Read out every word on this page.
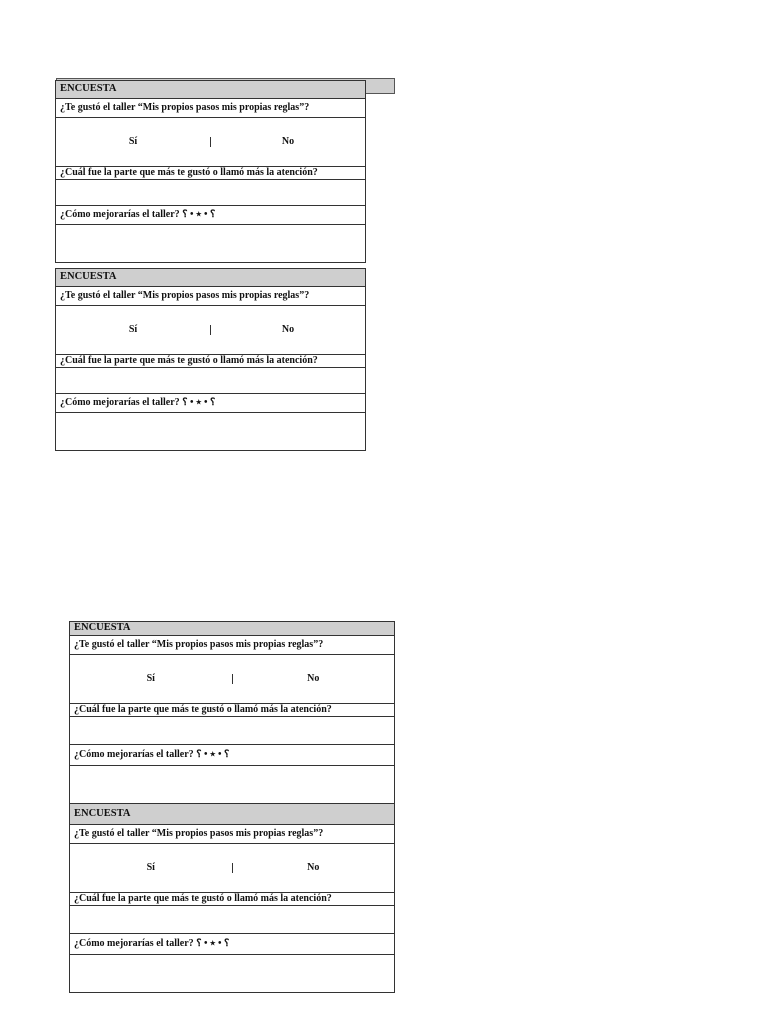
ENCUESTA
¿Te gustó el taller “Mis propios pasos mis propias reglas”?
Sí	No
¿Cuál fue la parte que más te gustó o llamó más la atención?
¿Cómo mejorarías el taller? ؟ • ٭ • ؟
ENCUESTA
¿Te gustó el taller “Mis propios pasos mis propias reglas”?
Sí	No
¿Cuál fue la parte que más te gustó o llamó más la atención?
¿Cómo mejorarías el taller? ؟ • ٭ • ؟
ENCUESTA
¿Te gustó el taller “Mis propios pasos mis propias reglas”?
Sí	No
¿Cuál fue la parte que más te gustó o llamó más la atención?
¿Cómo mejorarías el taller? ؟ • ٭ • ؟
ENCUESTA
¿Te gustó el taller “Mis propios pasos mis propias reglas”?
Sí	No
¿Cuál fue la parte que más te gustó o llamó más la atención?
¿Cómo mejorarías el taller? ؟ • ٭ • ؟
